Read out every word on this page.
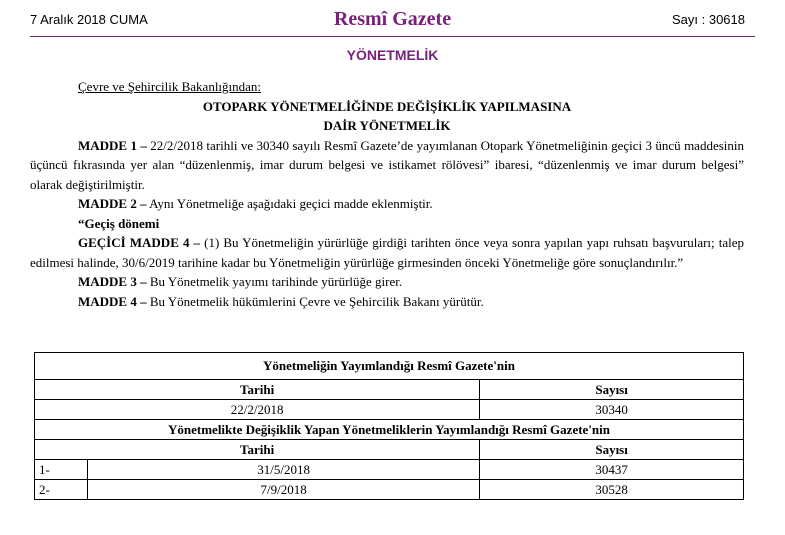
7 Aralık 2018 CUMA	Resmî Gazete	Sayı : 30618
YÖNETMELİK

Çevre ve Şehircilik Bakanlığından:

OTOPARK YÖNETMELİĞİNDE DEĞİŞİKLİK YAPILMASINA

DAİR YÖNETMELİK

MADDE 1 – 22/2/2018 tarihli ve 30340 sayılı Resmî Gazete’de yayımlanan Otopark Yönetmeliğinin geçici 3 üncü maddesinin üçüncü fıkrasında yer alan “düzenlenmiş, imar durum belgesi ve istikamet rölövesi” ibaresi, “düzenlenmiş ve imar durum belgesi” olarak değiştirilmiştir.

MADDE 2 – Aynı Yönetmeliğe aşağıdaki geçici madde eklenmiştir.

“Geçiş dönemi

GEÇİCİ MADDE 4 – (1) Bu Yönetmeliğin yürürlüğe girdiği tarihten önce veya sonra yapılan yapı ruhsatı başvuruları; talep edilmesi halinde, 30/6/2019 tarihine kadar bu Yönetmeliğin yürürlüğe girmesinden önceki Yönetmeliğe göre sonuçlandırılır.”

MADDE 3 – Bu Yönetmelik yayımı tarihinde yürürlüğe girer.

MADDE 4 – Bu Yönetmelik hükümlerini Çevre ve Şehircilik Bakanı yürütür.

Yönetmeliğin Yayımlandığı Resmî Gazete'nin		
Tarihi		Sayısı
22/2/2018		30340
Yönetmelikte Değişiklik Yapan Yönetmeliklerin Yayımlandığı Resmî Gazete'nin		
Tarihi		Sayısı
1-	31/5/2018	30437
2-	7/9/2018	30528
